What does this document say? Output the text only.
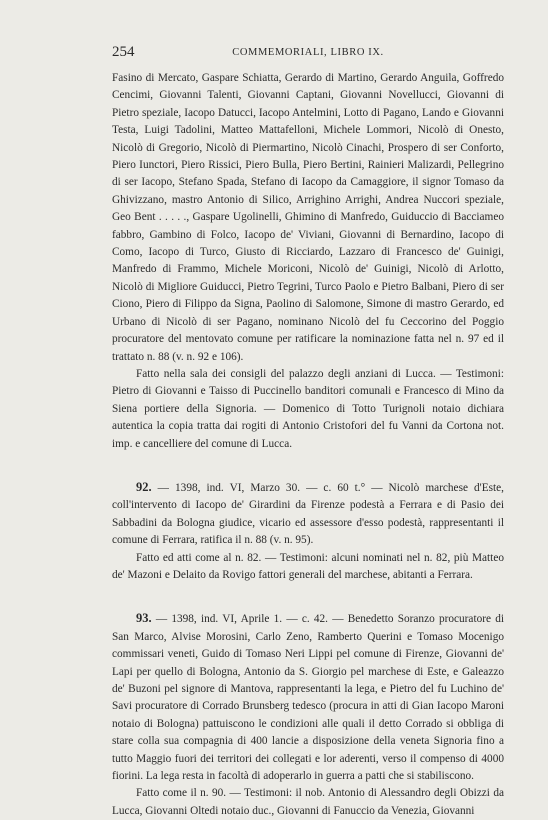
254	COMMEMORIALI, LIBRO IX.

Fasino di Mercato, Gaspare Schiatta, Gerardo di Martino, Gerardo Anguila, Goffredo Cencimi, Giovanni Talenti, Giovanni Captani, Giovanni Novellucci, Giovanni di Pietro speziale, Iacopo Datucci, Iacopo Antelmini, Lotto di Pagano, Lando e Giovanni Testa, Luigi Tadolini, Matteo Mattafelloni, Michele Lommori, Nicolò di Onesto, Nicolò di Gregorio, Nicolò di Piermartino, Nicolò Cinachi, Prospero di ser Conforto, Piero Iunctori, Piero Rissici, Piero Bulla, Piero Bertini, Rainieri Malizardi, Pellegrino di ser Iacopo, Stefano Spada, Stefano di Iacopo da Camaggiore, il signor Tomaso da Ghivizzano, mastro Antonio di Silico, Arrighino Arrighi, Andrea Nuccori speziale, Geo Bent . . . . ., Gaspare Ugolinelli, Ghimino di Manfredo, Guiduccio di Bacciameo fabbro, Gambino di Folco, Iacopo de' Viviani, Giovanni di Bernardino, Iacopo di Como, Iacopo di Turco, Giusto di Ricciardo, Lazzaro di Francesco de' Guinigi, Manfredo di Frammo, Michele Moriconi, Nicolò de' Guinigi, Nicolò di Arlotto, Nicolò di Migliore Guiducci, Pietro Tegrini, Turco Paolo e Pietro Balbani, Piero di ser Ciono, Piero di Filippo da Signa, Paolino di Salomone, Simone di mastro Gerardo, ed Urbano di Nicolò di ser Pagano, nominano Nicolò del fu Ceccorino del Poggio procuratore del mentovato comune per ratificare la nominazione fatta nel n. 97 ed il trattato n. 88 (v. n. 92 e 106).

Fatto nella sala dei consigli del palazzo degli anziani di Lucca. — Testimoni: Pietro di Giovanni e Taisso di Puccinello banditori comunali e Francesco di Mino da Siena portiere della Signoria. — Domenico di Totto Turignoli notaio dichiara autentica la copia tratta dai rogiti di Antonio Cristofori del fu Vanni da Cortona not. imp. e cancelliere del comune di Lucca.

92. — 1398, ind. VI, Marzo 30. — c. 60 t.° — Nicolò marchese d'Este, coll'intervento di Iacopo de' Girardini da Firenze podestà a Ferrara e di Pasio dei Sabbadini da Bologna giudice, vicario ed assessore d'esso podestà, rappresentanti il comune di Ferrara, ratifica il n. 88 (v. n. 95).

Fatto ed atti come al n. 82. — Testimoni: alcuni nominati nel n. 82, più Matteo de' Mazoni e Delaito da Rovigo fattori generali del marchese, abitanti a Ferrara.

93. — 1398, ind. VI, Aprile 1. — c. 42. — Benedetto Soranzo procuratore di San Marco, Alvise Morosini, Carlo Zeno, Ramberto Querini e Tomaso Mocenigo commissari veneti, Guido di Tomaso Neri Lippi pel comune di Firenze, Giovanni de' Lapi per quello di Bologna, Antonio da S. Giorgio pel marchese di Este, e Galeazzo de' Buzoni pel signore di Mantova, rappresentanti la lega, e Pietro del fu Luchino de' Savi procuratore di Corrado Brunsberg tedesco (procura in atti di Gian Iacopo Maroni notaio di Bologna) pattuiscono le condizioni alle quali il detto Corrado si obbliga di stare colla sua compagnia di 400 lancie a disposizione della veneta Signoria fino a tutto Maggio fuori dei territori dei collegati e lor aderenti, verso il compenso di 4000 fiorini. La lega resta in facoltà di adoperarlo in guerra a patti che si stabiliscono.

Fatto come il n. 90. — Testimoni: il nob. Antonio di Alessandro degli Obizzi da Lucca, Giovanni Oltedi notaio duc., Giovanni di Fanuccio da Venezia, Giovanni
